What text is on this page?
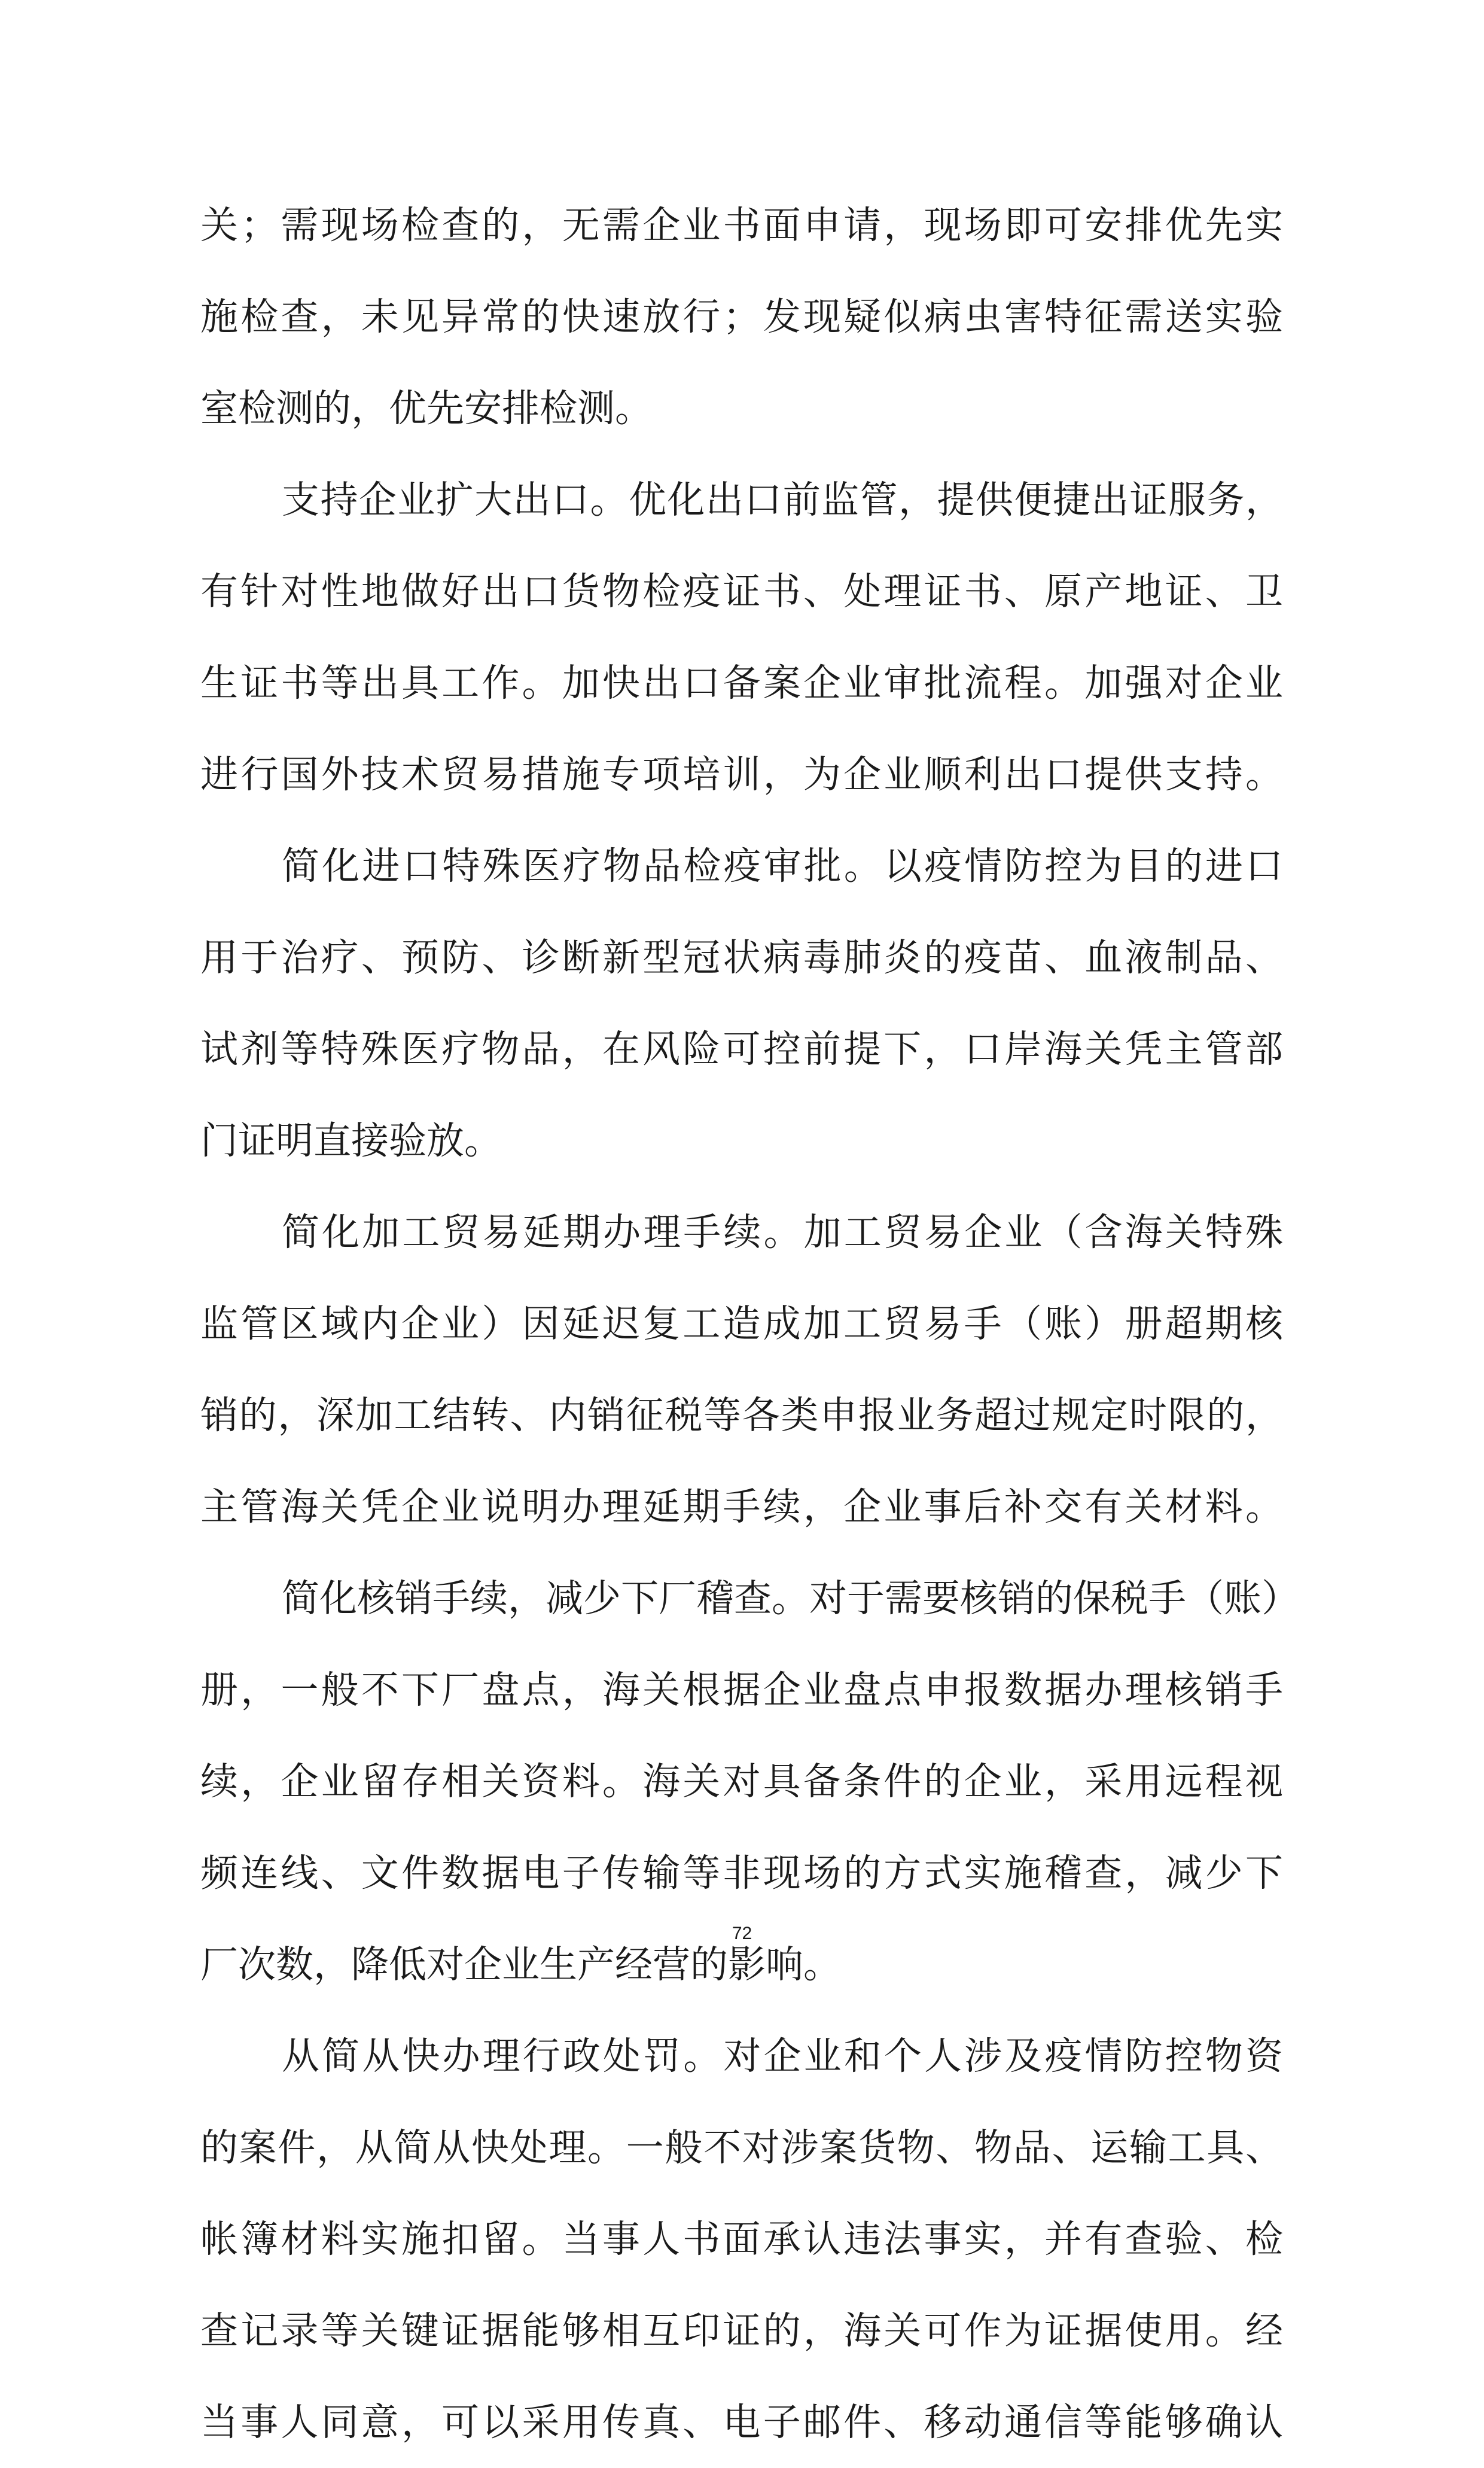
关；需现场检查的，无需企业书面申请，现场即可安排优先实
施检查，未见异常的快速放行；发现疑似病虫害特征需送实验
室检测的，优先安排检测。
支持企业扩大出口。优化出口前监管，提供便捷出证服务，
有针对性地做好出口货物检疫证书、处理证书、原产地证、卫
生证书等出具工作。加快出口备案企业审批流程。加强对企业
进行国外技术贸易措施专项培训，为企业顺利出口提供支持。
简化进口特殊医疗物品检疫审批。以疫情防控为目的进口
用于治疗、预防、诊断新型冠状病毒肺炎的疫苗、血液制品、
试剂等特殊医疗物品，在风险可控前提下，口岸海关凭主管部
门证明直接验放。
简化加工贸易延期办理手续。加工贸易企业（含海关特殊
监管区域内企业）因延迟复工造成加工贸易手（账）册超期核
销的，深加工结转、内销征税等各类申报业务超过规定时限的，
主管海关凭企业说明办理延期手续，企业事后补交有关材料。
简化核销手续，减少下厂稽查。对于需要核销的保税手（账）
册，一般不下厂盘点，海关根据企业盘点申报数据办理核销手
续，企业留存相关资料。海关对具备条件的企业，采用远程视
频连线、文件数据电子传输等非现场的方式实施稽查，减少下
厂次数，降低对企业生产经营的影响。
从简从快办理行政处罚。对企业和个人涉及疫情防控物资
的案件，从简从快处理。一般不对涉案货物、物品、运输工具、
帐簿材料实施扣留。当事人书面承认违法事实，并有查验、检
查记录等关键证据能够相互印证的，海关可作为证据使用。经
当事人同意，可以采用传真、电子邮件、移动通信等能够确认
72
